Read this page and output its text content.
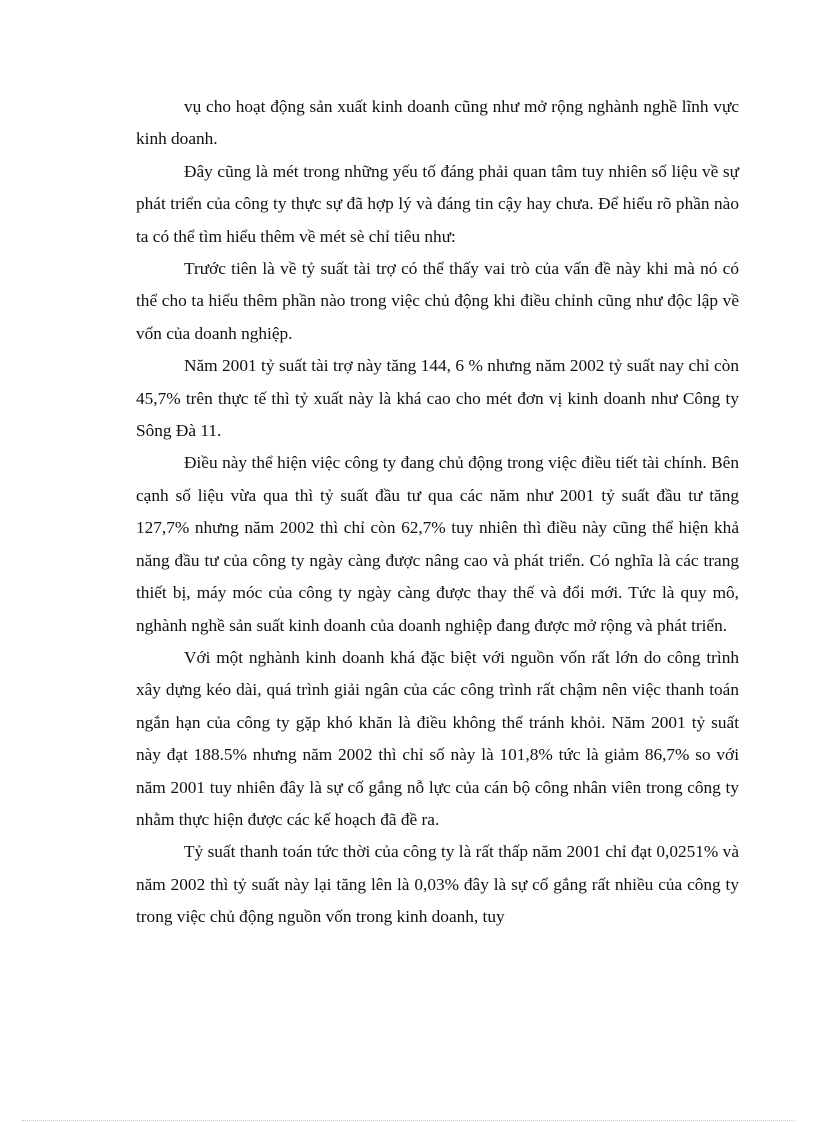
vụ cho hoạt động sản xuất kinh doanh cũng như mở rộng nghành nghề lĩnh vực kinh doanh.

Đây cũng là mét trong những yếu tố đáng phải quan tâm tuy nhiên số liệu về sự phát triển của công ty thực sự đã hợp lý và đáng tin cậy hay chưa. Để hiểu rõ phần nào ta có thể tìm hiểu thêm về mét sè chỉ tiêu như:

Trước tiên là về tỷ suất tài trợ có thể thấy vai trò của vấn đề này khi mà nó có thể cho ta hiểu thêm phần nào trong việc chủ động khi điều chỉnh cũng như độc lập về vốn của doanh nghiệp.

Năm 2001 tỷ suất tài trợ này tăng 144, 6 % nhưng năm 2002 tỷ suất nay chỉ còn 45,7% trên thực tế thì tỷ xuất này là khá cao cho mét đơn vị kinh doanh như Công ty Sông Đà 11.

Điều này thể hiện việc công ty đang chủ động trong việc điều tiết tài chính. Bên cạnh số liệu vừa qua thì tỷ suất đầu tư qua các năm như 2001 tỷ suất đầu tư tăng 127,7% nhưng năm 2002 thì chỉ còn 62,7% tuy nhiên thì điều này cũng thể hiện khả năng đầu tư của công ty ngày càng được nâng cao và phát triển. Có nghĩa là các trang thiết bị, máy móc của công ty ngày càng được thay thế và đổi mới. Tức là quy mô, nghành nghề sản suất kinh doanh của doanh nghiệp đang được mở rộng và phát triển.

Với một nghành kinh doanh khá đặc biệt với nguồn vốn rất lớn do công trình xây dựng kéo dài, quá trình giải ngân của các công trình rất chậm nên việc thanh toán ngắn hạn của công ty gặp khó khăn là điều không thể tránh khỏi. Năm 2001 tỷ suất này đạt 188.5% nhưng năm 2002 thì chỉ số này là 101,8% tức là giảm 86,7% so với năm 2001 tuy nhiên đây là sự cố gắng nỗ lực của cán bộ công nhân viên trong công ty nhằm thực hiện được các kế hoạch đã đề ra.

Tỷ suất thanh toán tức thời của công ty là rất thấp năm 2001 chỉ đạt 0,0251% và năm 2002 thì tỷ suất này lại tăng lên là 0,03% đây là sự cố gắng rất nhiều của công ty trong việc chủ động nguồn vốn trong kinh doanh, tuy
